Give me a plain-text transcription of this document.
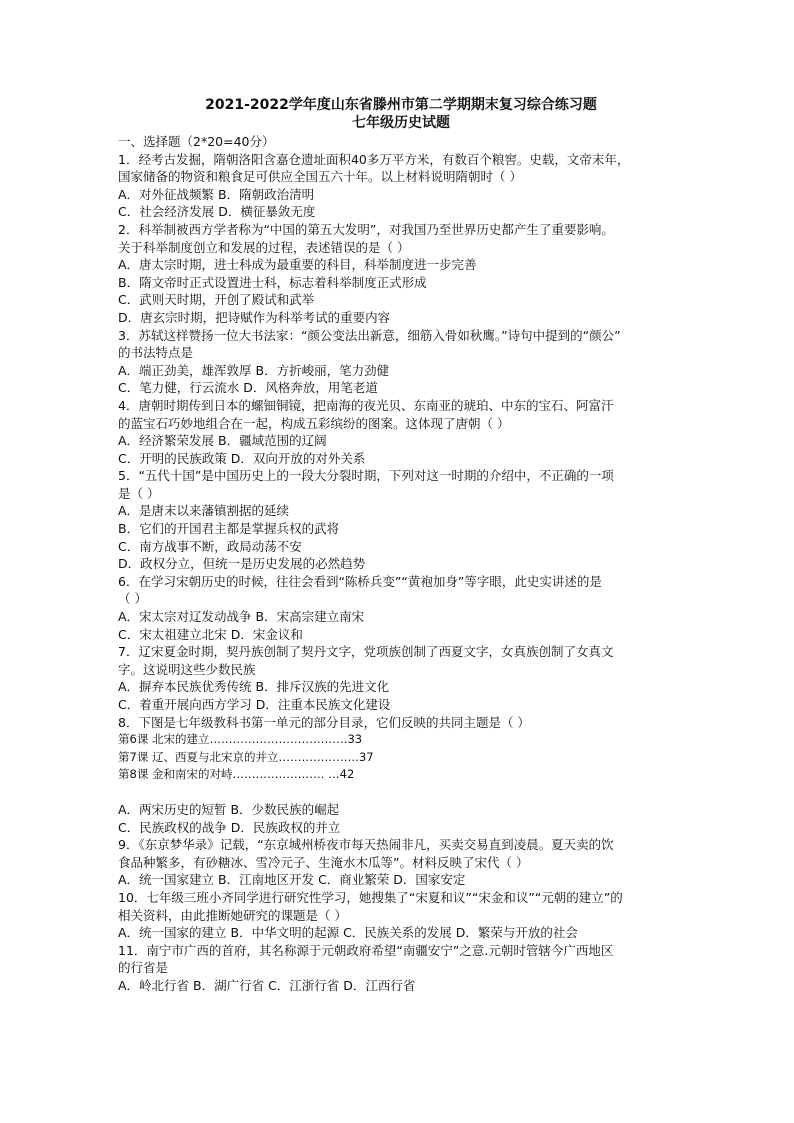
2021-2022学年度山东省滕州市第二学期期末复习综合练习题

七年级历史试题

一、选择题（2*20=40分）

1．经考古发掘，隋朝洛阳含嘉仓遗址面积40多万平方米，有数百个粮窖。史载，文帝末年，

国家储备的物资和粮食足可供应全国五六十年。以上材料说明隋朝时（ ）

A．对外征战频繁 B．隋朝政治清明

C．社会经济发展 D．横征暴敛无度

2．科举制被西方学者称为“中国的第五大发明”，对我国乃至世界历史都产生了重要影响。

关于科举制度创立和发展的过程，表述错误的是（ ）

A．唐太宗时期，进士科成为最重要的科目，科举制度进一步完善

B．隋文帝时正式设置进士科，标志着科举制度正式形成

C．武则天时期，开创了殿试和武举

D．唐玄宗时期，把诗赋作为科举考试的重要内容

3．苏轼这样赞扬一位大书法家：“颜公变法出新意，细筋入骨如秋鹰。”诗句中提到的“颜公”

的书法特点是

A．端正劲美，雄浑敦厚 B．方折峻丽，笔力劲健

C．笔力健，行云流水 D．风格奔放，用笔老道

4．唐朝时期传到日本的螺钿铜镜，把南海的夜光贝、东南亚的琥珀、中东的宝石、阿富汗

的蓝宝石巧妙地组合在一起，构成五彩缤纷的图案。这体现了唐朝（ ）

A．经济繁荣发展 B．疆域范围的辽阔

C．开明的民族政策 D．双向开放的对外关系

5．“五代十国”是中国历史上的一段大分裂时期，下列对这一时期的介绍中，不正确的一项

是（ ）

A．是唐末以来藩镇割据的延续

B．它们的开国君主都是掌握兵权的武将

C．南方战事不断，政局动荡不安

D．政权分立，但统一是历史发展的必然趋势

6．在学习宋朝历史的时候，往往会看到“陈桥兵变”“黄袍加身”等字眼，此史实讲述的是

（ ）

A．宋太宗对辽发动战争 B．宋高宗建立南宋

C．宋太祖建立北宋 D．宋金议和

7．辽宋夏金时期，契丹族创制了契丹文字，党项族创制了西夏文字，女真族创制了女真文

字。这说明这些少数民族

A．摒弃本民族优秀传统 B．排斥汉族的先进文化

C．着重开展向西方学习 D．注重本民族文化建设

8．下图是七年级教科书第一单元的部分目录，它们反映的共同主题是（ ）

第6课 北宋的建立………………………………33

第7课 辽、西夏与北宋京的并立…………………37

第8课 金和南宋的对峙…………………… …42

A．两宋历史的短暂 B．少数民族的崛起

C．民族政权的战争 D．民族政权的并立

9．《东京梦华录》记载，“东京城州桥夜市每天热闹非凡，买卖交易直到凌晨。夏天卖的饮

食品种繁多，有砂糖冰、雪冷元子、生淹水木瓜等”。材料反映了宋代（ ）

A．统一国家建立 B．江南地区开发 C．商业繁荣 D．国家安定

10．七年级三班小齐同学进行研究性学习，她搜集了“宋夏和议”“宋金和议”“元朝的建立”的

相关资料，由此推断她研究的课题是（ ）

A．统一国家的建立 B．中华文明的起源 C．民族关系的发展 D．繁荣与开放的社会

11．南宁市广西的首府，其名称源于元朝政府希望“南疆安宁”之意.元朝时管辖今广西地区

的行省是

A．岭北行省 B．湖广行省 C．江浙行省 D．江西行省
